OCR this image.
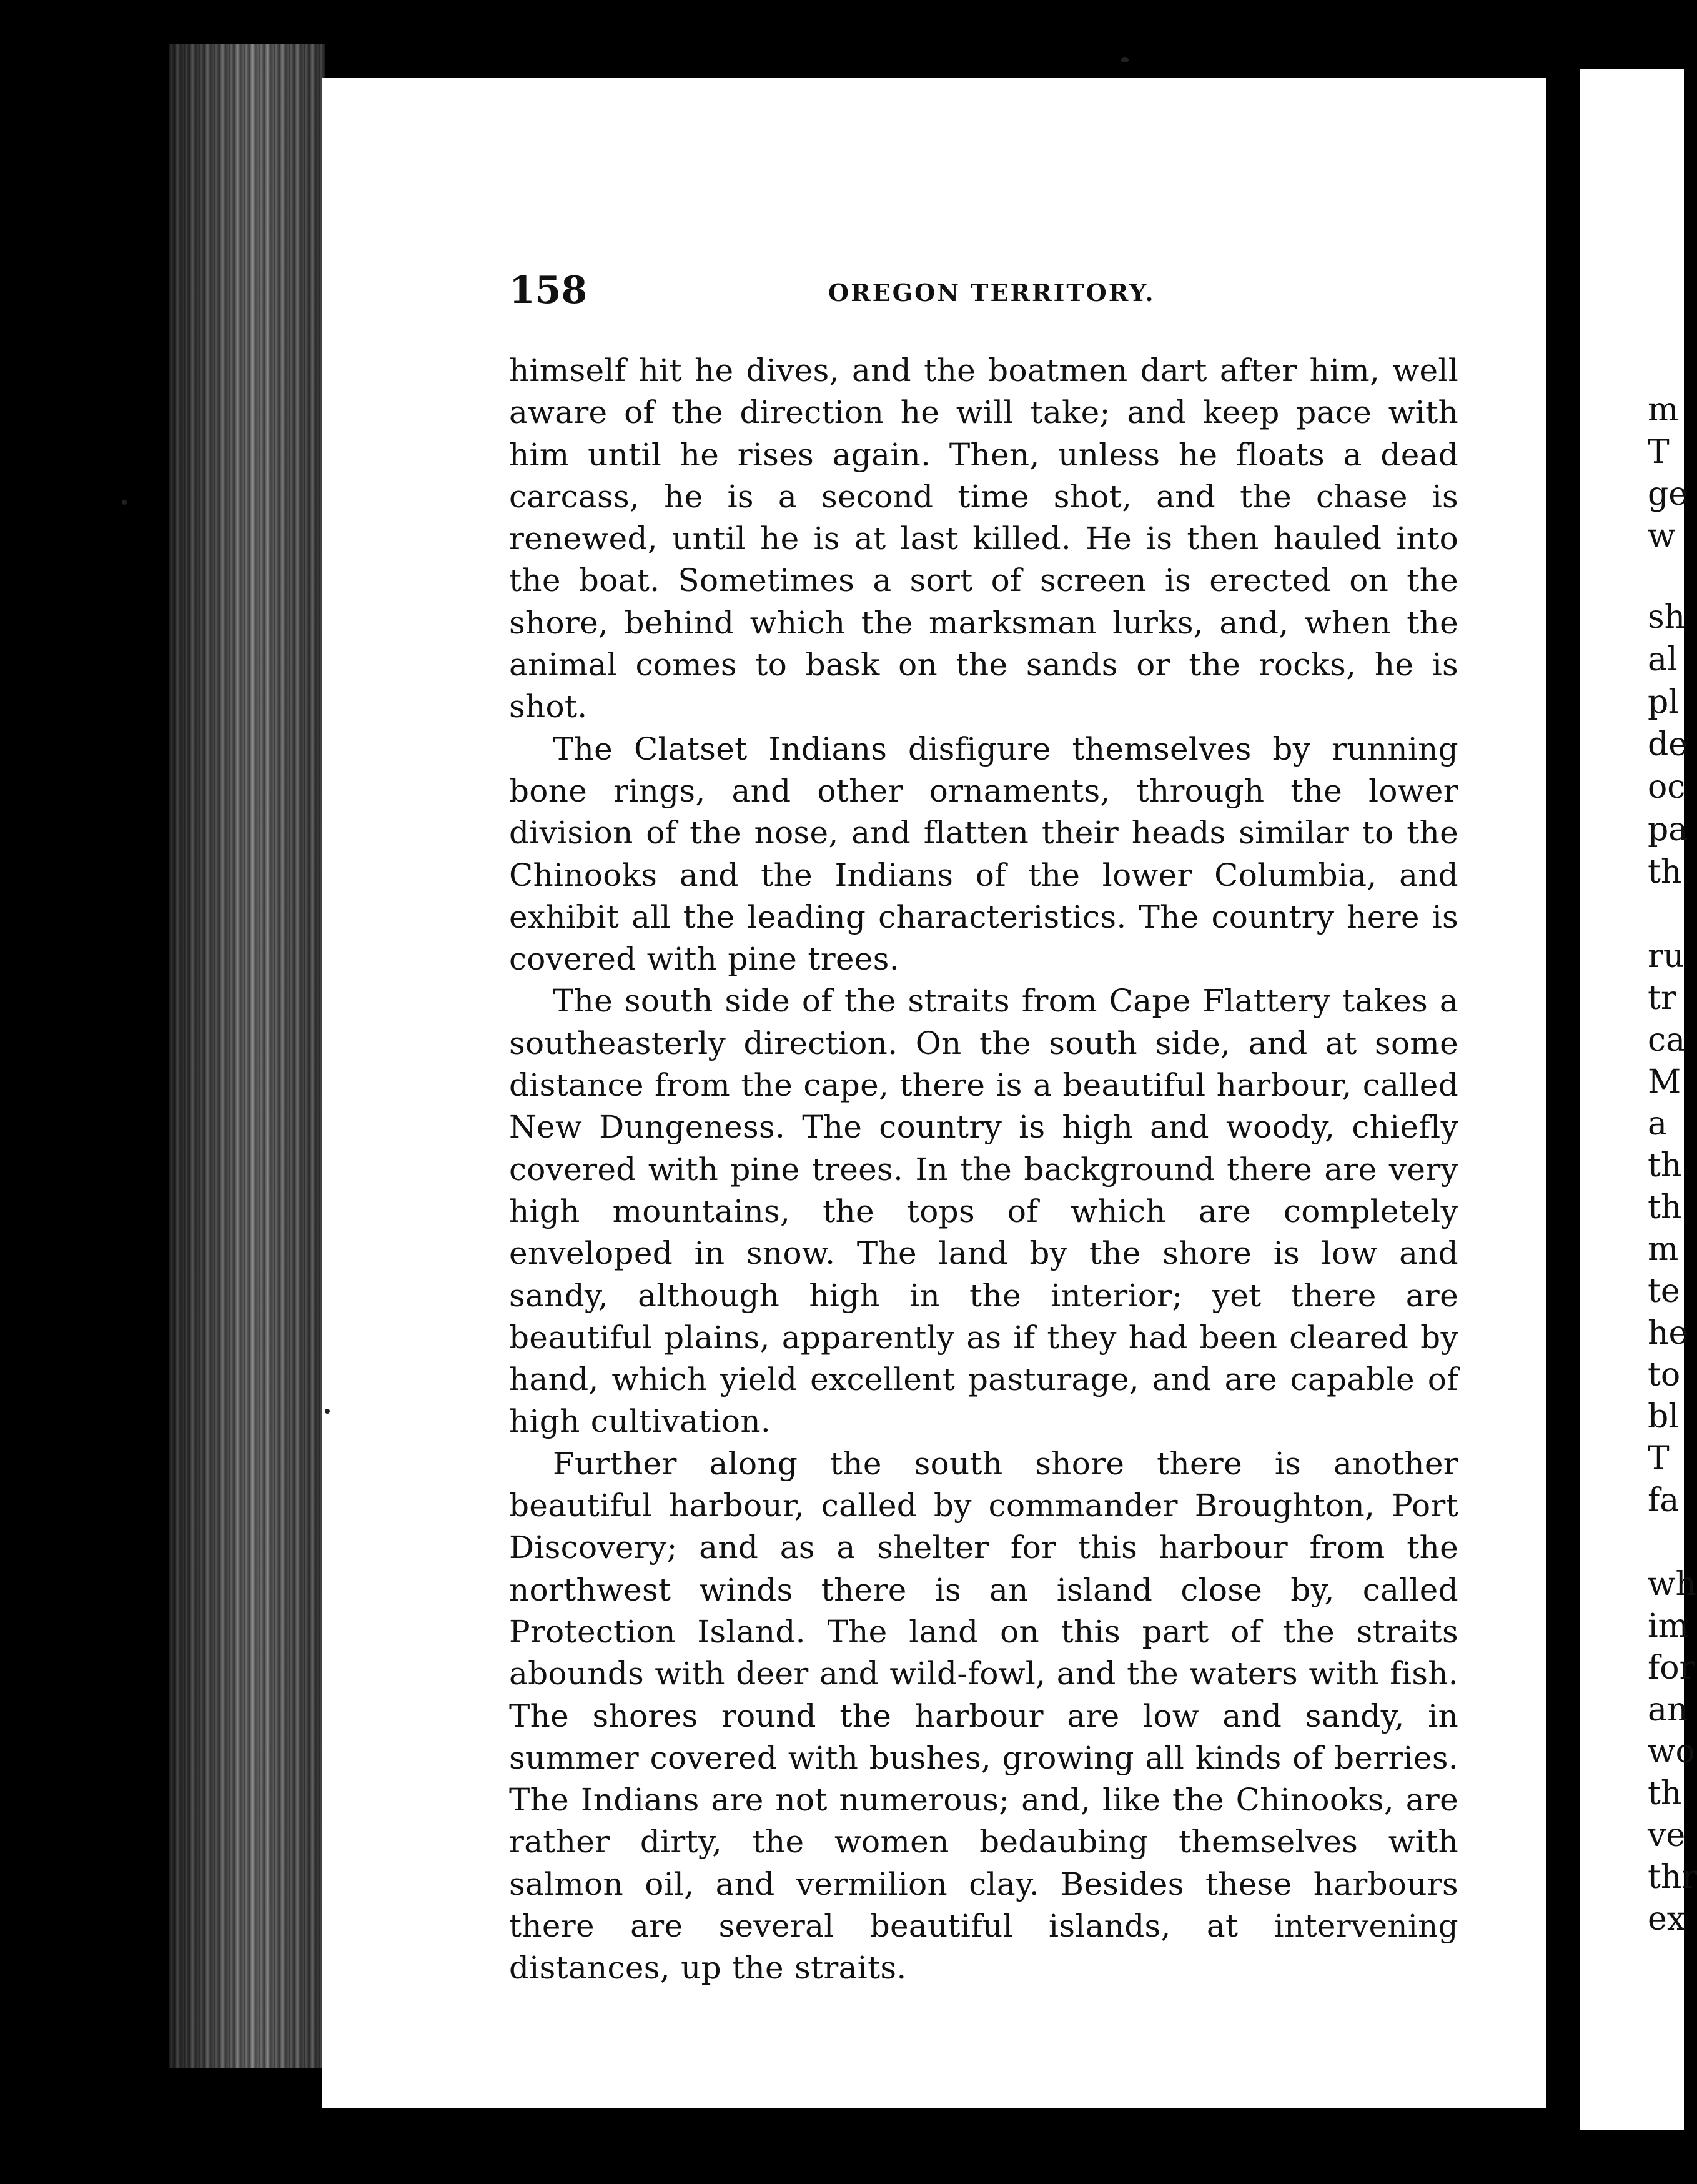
m
T
ge
w
sh
al
pl
de
oc
pa
th
ru
tr
ca
M
a
th
th
m
te
he
to
bl
T
fa
wh
im
for
an
wo
th
ve
thr
ex
158	OREGON TERRITORY.

himself hit he dives, and the boatmen dart after him, well aware of the direction he will take; and keep pace with him until he rises again. Then, unless he floats a dead carcass, he is a second time shot, and the chase is renewed, until he is at last killed. He is then hauled into the boat. Sometimes a sort of screen is erected on the shore, behind which the marksman lurks, and, when the animal comes to bask on the sands or the rocks, he is shot.

The Clatset Indians disfigure themselves by running bone rings, and other ornaments, through the lower division of the nose, and flatten their heads similar to the Chinooks and the Indians of the lower Columbia, and exhibit all the leading characteristics. The country here is covered with pine trees.

The south side of the straits from Cape Flattery takes a southeasterly direction. On the south side, and at some distance from the cape, there is a beautiful harbour, called New Dungeness. The country is high and woody, chiefly covered with pine trees. In the background there are very high mountains, the tops of which are completely enveloped in snow. The land by the shore is low and sandy, although high in the interior; yet there are beautiful plains, apparently as if they had been cleared by hand, which yield excellent pasturage, and are capable of high cultivation.

Further along the south shore there is another beautiful harbour, called by commander Broughton, Port Discovery; and as a shelter for this harbour from the northwest winds there is an island close by, called Protection Island. The land on this part of the straits abounds with deer and wild-fowl, and the waters with fish. The shores round the harbour are low and sandy, in summer covered with bushes, growing all kinds of berries. The Indians are not numerous; and, like the Chinooks, are rather dirty, the women bedaubing themselves with salmon oil, and vermilion clay. Besides these harbours there are several beautiful islands, at intervening distances, up the straits.
